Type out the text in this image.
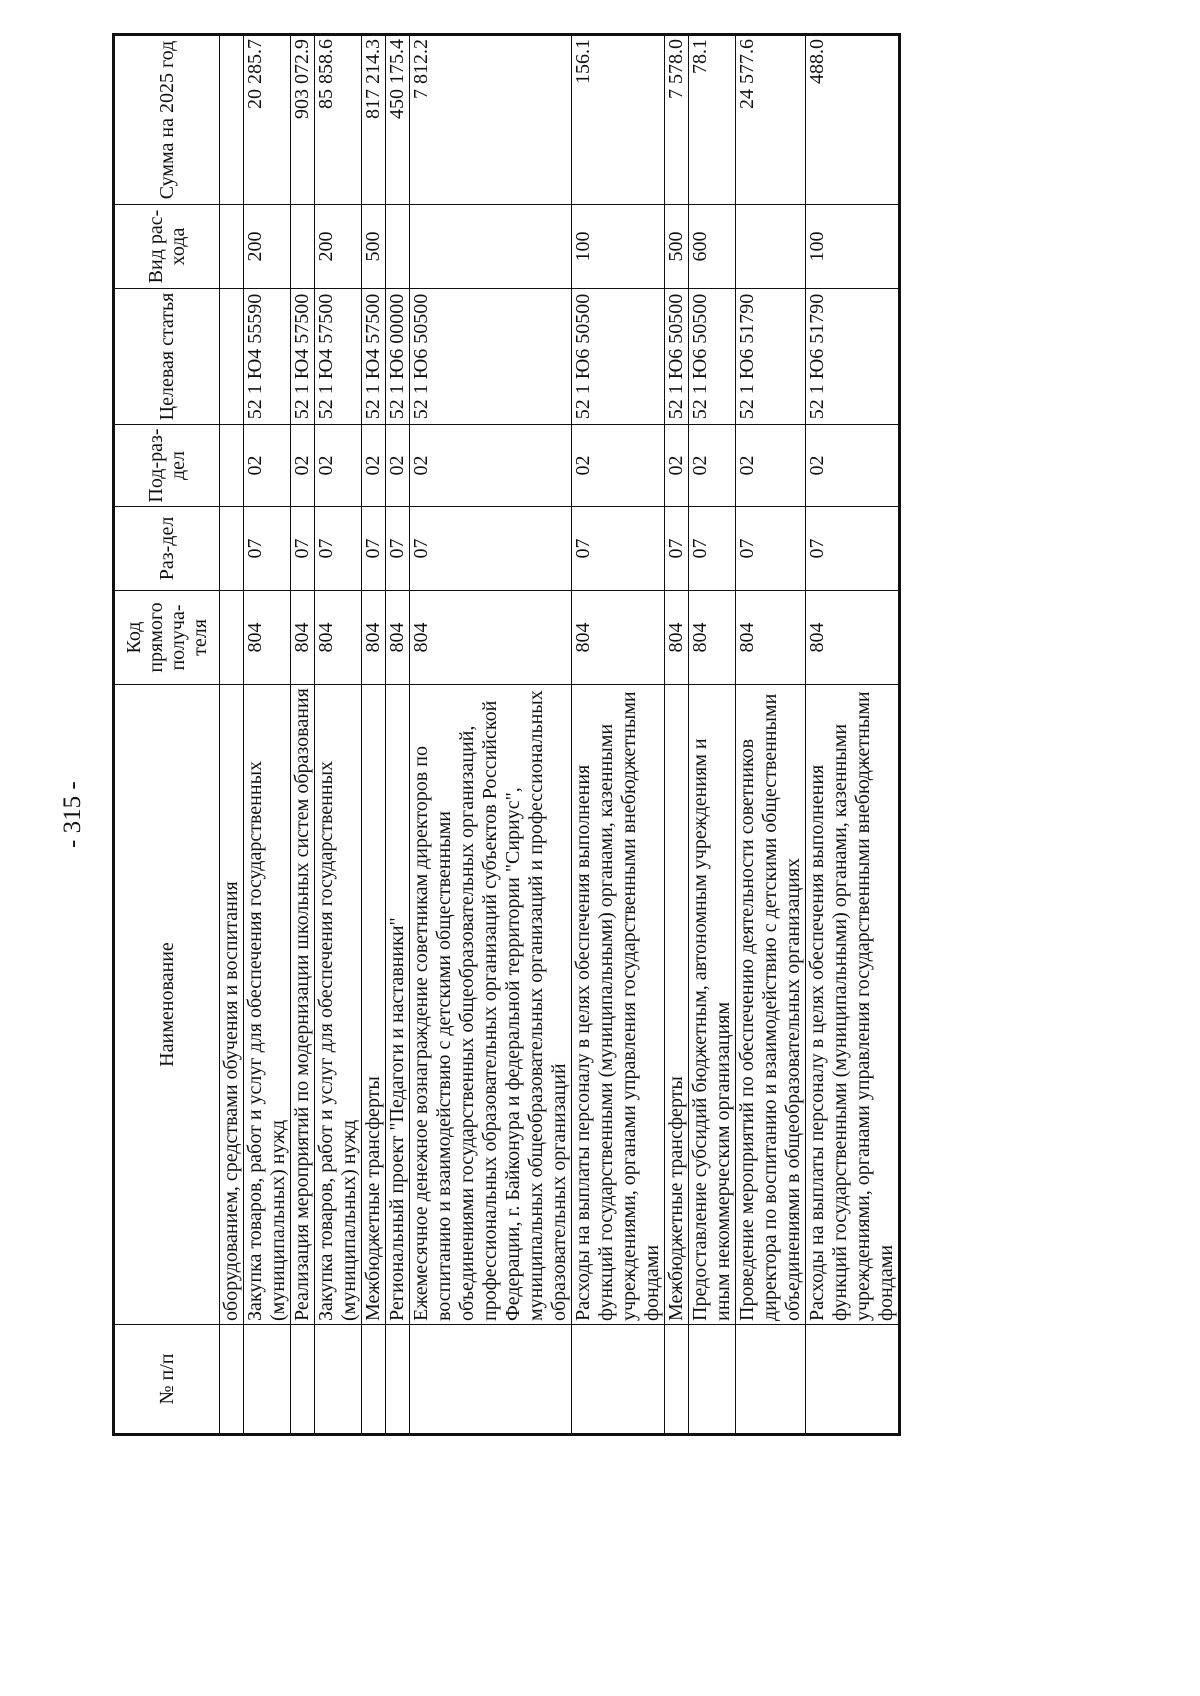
- 315 -
№ п/п	Наименование	Код прямого получа-теля	Раз-дел	Под-раз-дел	Целевая статья	Вид рас-хода	Сумма на 2025 год
	оборудованием, средствами обучения и воспитания						
	Закупка товаров, работ и услуг для обеспечения государственных (муниципальных) нужд	804	07	02	52 1 Ю4 55590	200	20 285.7
	Реализация мероприятий по модернизации школьных систем образования	804	07	02	52 1 Ю4 57500		903 072.9
	Закупка товаров, работ и услуг для обеспечения государственных (муниципальных) нужд	804	07	02	52 1 Ю4 57500	200	85 858.6
	Межбюджетные трансферты	804	07	02	52 1 Ю4 57500	500	817 214.3
	Региональный проект "Педагоги и наставники"	804	07	02	52 1 Ю6 00000		450 175.4
	Ежемесячное денежное вознаграждение советникам директоров по воспитанию и взаимодействию с детскими общественными объединениями государственных общеобразовательных организаций, профессиональных образовательных организаций субъектов Российской Федерации, г. Байконура и федеральной территории "Сириус", муниципальных общеобразовательных организаций и профессиональных образовательных организаций	804	07	02	52 1 Ю6 50500		7 812.2
	Расходы на выплаты персоналу в целях обеспечения выполнения функций государственными (муниципальными) органами, казенными учреждениями, органами управления государственными внебюджетными фондами	804	07	02	52 1 Ю6 50500	100	156.1
	Межбюджетные трансферты	804	07	02	52 1 Ю6 50500	500	7 578.0
	Предоставление субсидий бюджетным, автономным учреждениям и иным некоммерческим организациям	804	07	02	52 1 Ю6 50500	600	78.1
	Проведение мероприятий по обеспечению деятельности советников директора по воспитанию и взаимодействию с детскими общественными объединениями в общеобразовательных организациях	804	07	02	52 1 Ю6 51790		24 577.6
	Расходы на выплаты персоналу в целях обеспечения выполнения функций государственными (муниципальными) органами, казенными учреждениями, органами управления государственными внебюджетными фондами	804	07	02	52 1 Ю6 51790	100	488.0
